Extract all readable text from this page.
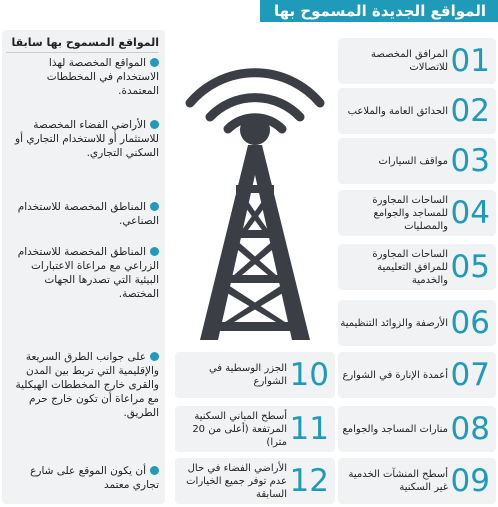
المواقع الجديدة المسموح بها
المواقع المسموح بها سابقا
المواقع المخصصة لهذا الاستخدام في المخططات المعتمدة.
الأراضي الفضاء المخصصة للاستثمار أو للاستخدام التجاري أو السكني التجاري.
المناطق المخصصة للاستخدام الصناعي.
المناطق المخصصة للاستخدام الزراعي مع مراعاة الاعتبارات البيئية التي تصدرها الجهات المختصة.
على جوانب الطرق السريعة والإقليمية التي تربط بين المدن والقرى خارج المخططات الهيكلية مع مراعاة أن تكون خارج حرم الطريق.
أن يكون الموقع على شارع تجاري معتمد
01
المرافق المخصصة للاتصالات
02
الحدائق العامة والملاعب
03
مواقف السيارات
04
الساحات المجاورة للمساجد والجوامع والمصليات
05
الساحات المجاورة للمرافق التعليمية والخدمية
06
الأرصفة والزوائد التنظيمية
07
أعمدة الإنارة في الشوارع
08
منارات المساجد والجوامع
09
أسطح المنشآت الخدمية غير السكنية
10
الجزر الوسطية في الشوارع
11
أسطح المباني السكنية المرتفعة (أعلى من 20 مترا)
12
الأراضي الفضاء في حال عدم توفر جميع الخيارات السابقة
